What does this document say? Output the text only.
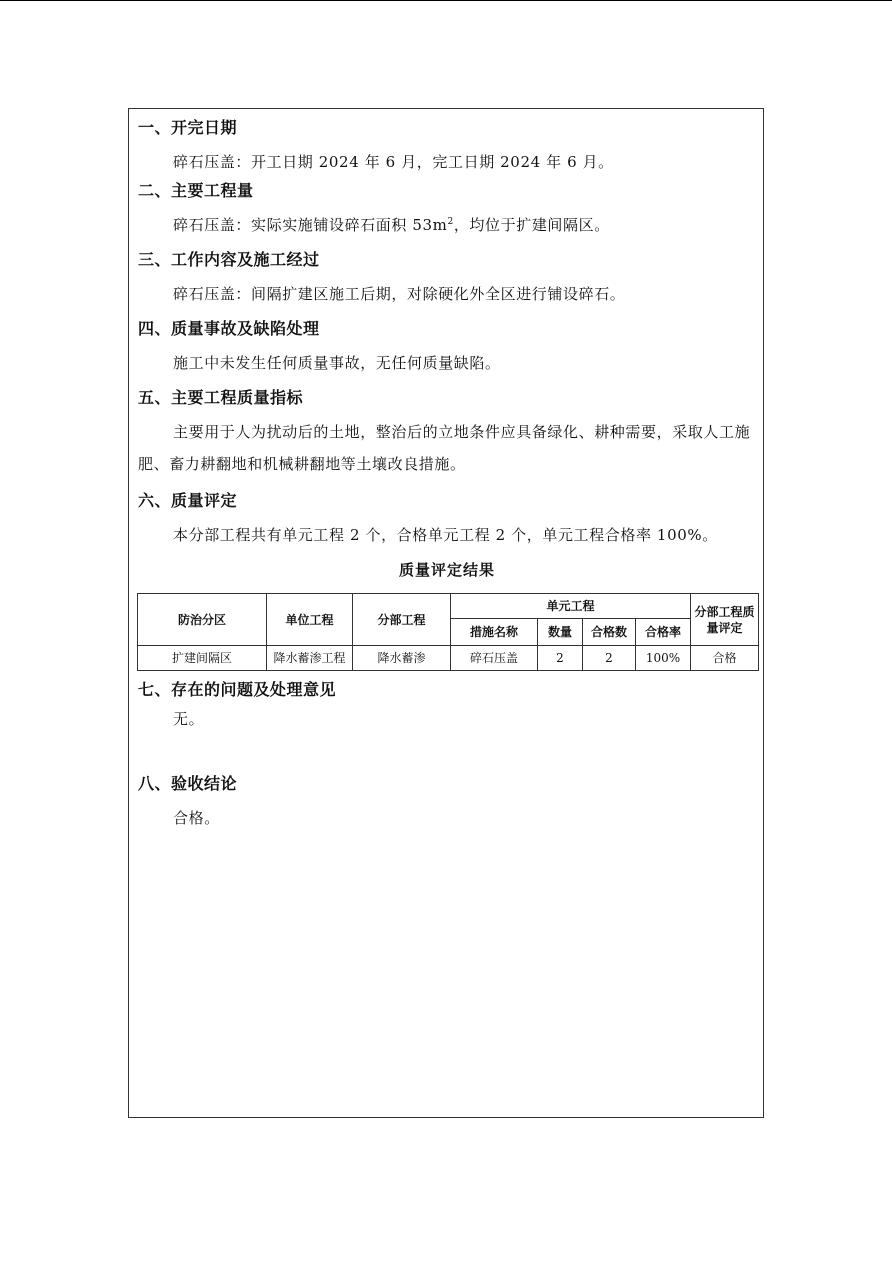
一、开完日期
碎石压盖：开工日期 2024 年 6 月，完工日期 2024 年 6 月。
二、主要工程量
碎石压盖：实际实施铺设碎石面积 $53m^2$，均位于扩建间隔区。
三、工作内容及施工经过
碎石压盖：间隔扩建区施工后期，对除硬化外全区进行铺设碎石。
四、质量事故及缺陷处理
施工中未发生任何质量事故，无任何质量缺陷。
五、主要工程质量指标
主要用于人为扰动后的土地，整治后的立地条件应具备绿化、耕种需要，采取人工施肥、畜力耕翻地和机械耕翻地等土壤改良措施。
六、质量评定
本分部工程共有单元工程 2 个，合格单元工程 2 个，单元工程合格率 100%。
质量评定结果
防治分区	单位工程	分部工程	单元工程				分部工程质量评定
			措施名称	数量	合格数	合格率	
扩建间隔区	降水蓄渗工程	降水蓄渗	碎石压盖	2	2	100%	合格
七、存在的问题及处理意见
无。
八、验收结论
合格。
